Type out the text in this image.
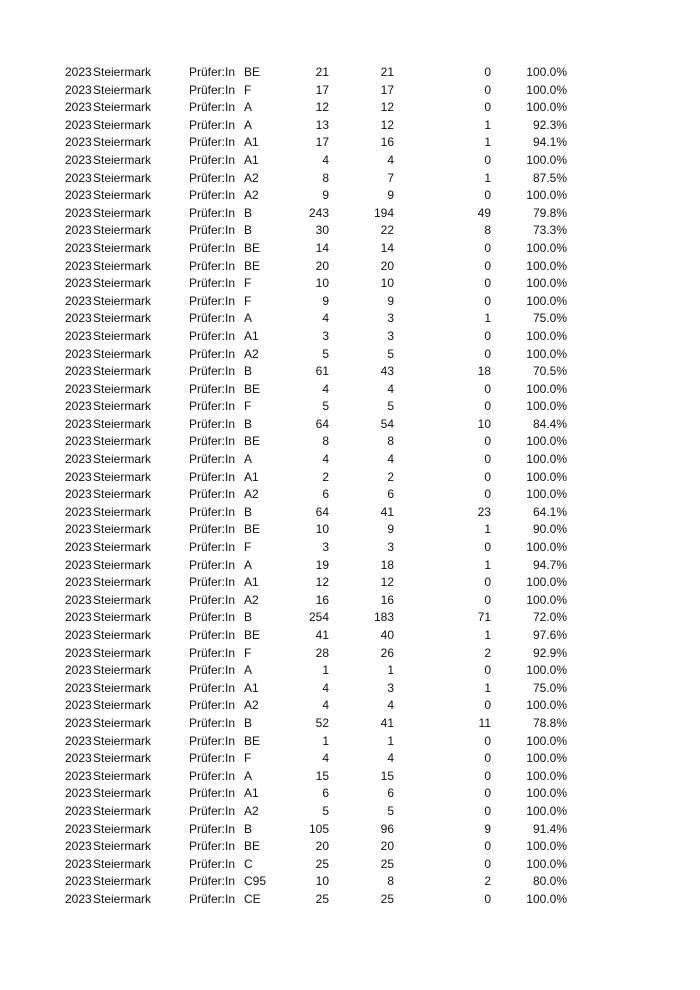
2023 Steiermark	Prüfer:In BE	21	21	0	100.0%
2023 Steiermark	Prüfer:In F	17	17	0	100.0%
2023 Steiermark	Prüfer:In A	12	12	0	100.0%
2023 Steiermark	Prüfer:In A	13	12	1	92.3%
2023 Steiermark	Prüfer:In A1	17	16	1	94.1%
2023 Steiermark	Prüfer:In A1	4	4	0	100.0%
2023 Steiermark	Prüfer:In A2	8	7	1	87.5%
2023 Steiermark	Prüfer:In A2	9	9	0	100.0%
2023 Steiermark	Prüfer:In B	243	194	49	79.8%
2023 Steiermark	Prüfer:In B	30	22	8	73.3%
2023 Steiermark	Prüfer:In BE	14	14	0	100.0%
2023 Steiermark	Prüfer:In BE	20	20	0	100.0%
2023 Steiermark	Prüfer:In F	10	10	0	100.0%
2023 Steiermark	Prüfer:In F	9	9	0	100.0%
2023 Steiermark	Prüfer:In A	4	3	1	75.0%
2023 Steiermark	Prüfer:In A1	3	3	0	100.0%
2023 Steiermark	Prüfer:In A2	5	5	0	100.0%
2023 Steiermark	Prüfer:In B	61	43	18	70.5%
2023 Steiermark	Prüfer:In BE	4	4	0	100.0%
2023 Steiermark	Prüfer:In F	5	5	0	100.0%
2023 Steiermark	Prüfer:In B	64	54	10	84.4%
2023 Steiermark	Prüfer:In BE	8	8	0	100.0%
2023 Steiermark	Prüfer:In A	4	4	0	100.0%
2023 Steiermark	Prüfer:In A1	2	2	0	100.0%
2023 Steiermark	Prüfer:In A2	6	6	0	100.0%
2023 Steiermark	Prüfer:In B	64	41	23	64.1%
2023 Steiermark	Prüfer:In BE	10	9	1	90.0%
2023 Steiermark	Prüfer:In F	3	3	0	100.0%
2023 Steiermark	Prüfer:In A	19	18	1	94.7%
2023 Steiermark	Prüfer:In A1	12	12	0	100.0%
2023 Steiermark	Prüfer:In A2	16	16	0	100.0%
2023 Steiermark	Prüfer:In B	254	183	71	72.0%
2023 Steiermark	Prüfer:In BE	41	40	1	97.6%
2023 Steiermark	Prüfer:In F	28	26	2	92.9%
2023 Steiermark	Prüfer:In A	1	1	0	100.0%
2023 Steiermark	Prüfer:In A1	4	3	1	75.0%
2023 Steiermark	Prüfer:In A2	4	4	0	100.0%
2023 Steiermark	Prüfer:In B	52	41	11	78.8%
2023 Steiermark	Prüfer:In BE	1	1	0	100.0%
2023 Steiermark	Prüfer:In F	4	4	0	100.0%
2023 Steiermark	Prüfer:In A	15	15	0	100.0%
2023 Steiermark	Prüfer:In A1	6	6	0	100.0%
2023 Steiermark	Prüfer:In A2	5	5	0	100.0%
2023 Steiermark	Prüfer:In B	105	96	9	91.4%
2023 Steiermark	Prüfer:In BE	20	20	0	100.0%
2023 Steiermark	Prüfer:In C	25	25	0	100.0%
2023 Steiermark	Prüfer:In C95	10	8	2	80.0%
2023 Steiermark	Prüfer:In CE	25	25	0	100.0%
